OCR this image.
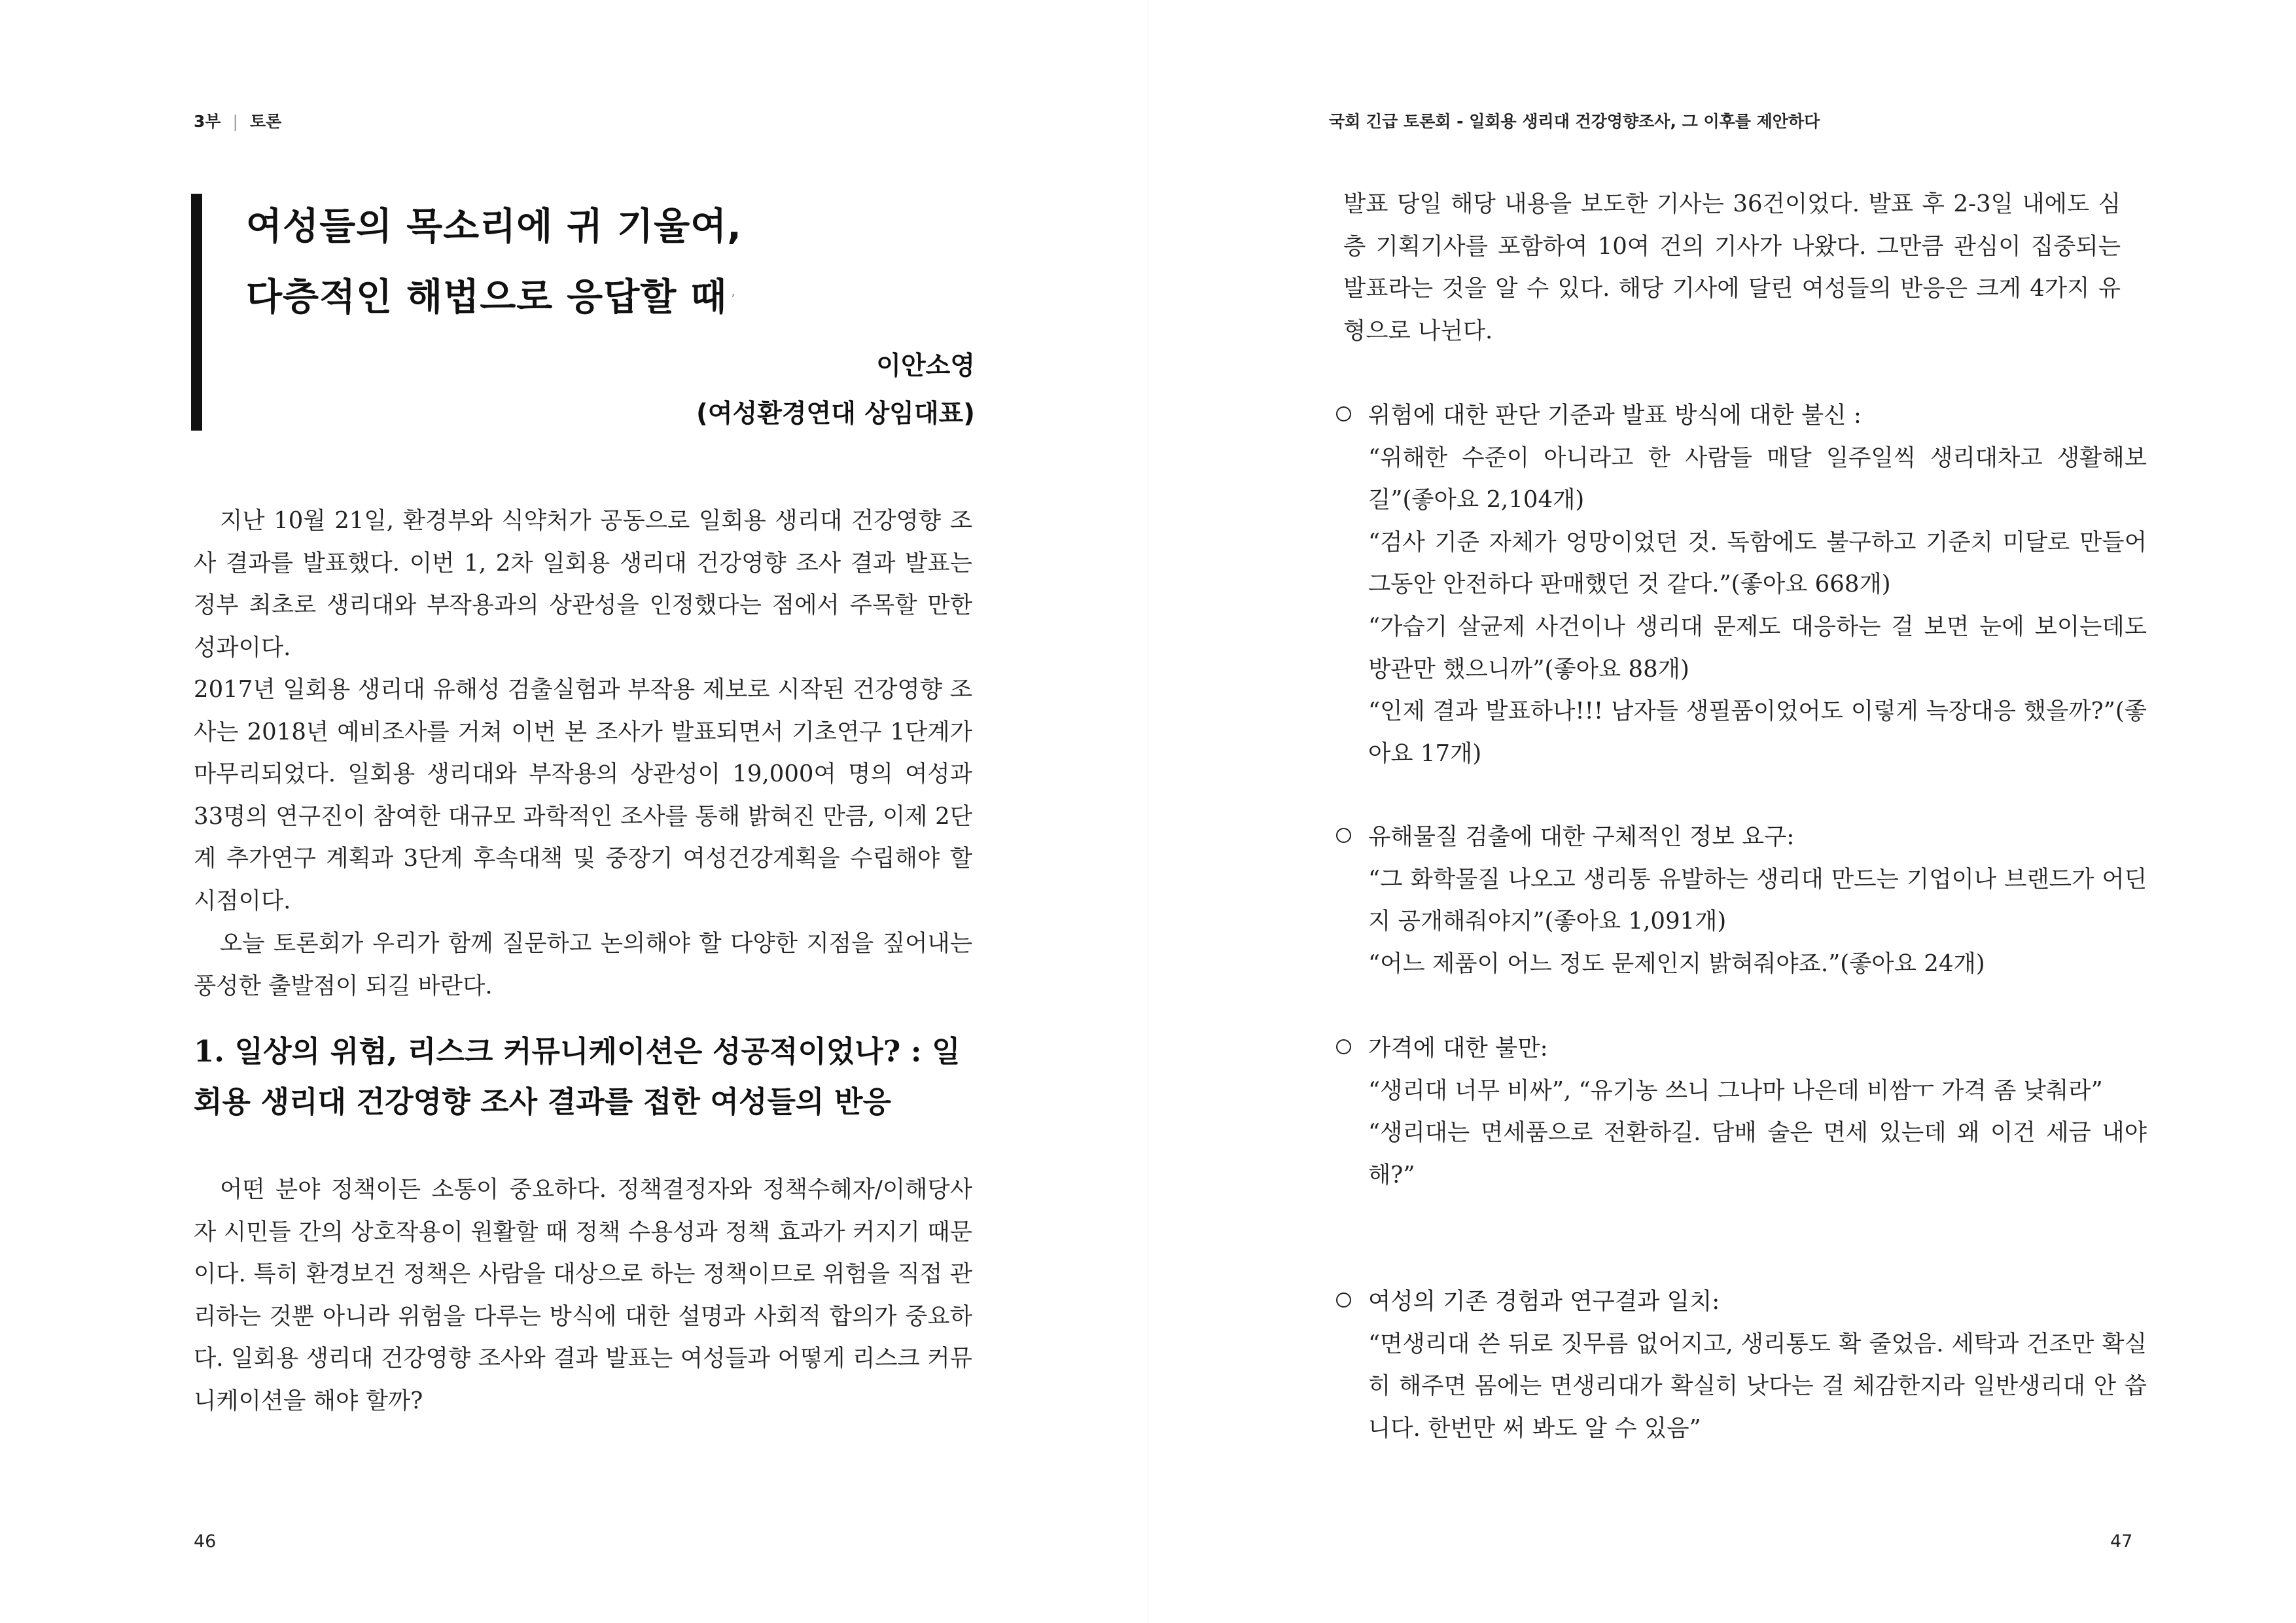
3부 | 토론
여성들의 목소리에 귀 기울여,
다층적인 해법으로 응답할 때 ʼ
이안소영
(여성환경연대 상임대표)

지난 10월 21일, 환경부와 식약처가 공동으로 일회용 생리대 건강영향 조사 결과를 발표했다. 이번 1, 2차 일회용 생리대 건강영향 조사 결과 발표는 정부 최초로 생리대와 부작용과의 상관성을 인정했다는 점에서 주목할 만한 성과이다.

2017년 일회용 생리대 유해성 검출실험과 부작용 제보로 시작된 건강영향 조사는 2018년 예비조사를 거쳐 이번 본 조사가 발표되면서 기초연구 1단계가 마무리되었다. 일회용 생리대와 부작용의 상관성이 19,000여 명의 여성과 33명의 연구진이 참여한 대규모 과학적인 조사를 통해 밝혀진 만큼, 이제 2단계 추가연구 계획과 3단계 후속대책 및 중장기 여성건강계획을 수립해야 할 시점이다.

오늘 토론회가 우리가 함께 질문하고 논의해야 할 다양한 지점을 짚어내는 풍성한 출발점이 되길 바란다.

1. 일상의 위험, 리스크 커뮤니케이션은 성공적이었나? : 일회용 생리대 건강영향 조사 결과를 접한 여성들의 반응

어떤 분야 정책이든 소통이 중요하다. 정책결정자와 정책수혜자/이해당사자 시민들 간의 상호작용이 원활할 때 정책 수용성과 정책 효과가 커지기 때문이다. 특히 환경보건 정책은 사람을 대상으로 하는 정책이므로 위험을 직접 관리하는 것뿐 아니라 위험을 다루는 방식에 대한 설명과 사회적 합의가 중요하다. 일회용 생리대 건강영향 조사와 결과 발표는 여성들과 어떻게 리스크 커뮤니케이션을 해야 할까?

46
국회 긴급 토론회 - 일회용 생리대 건강영향조사, 그 이후를 제안하다

발표 당일 해당 내용을 보도한 기사는 36건이었다. 발표 후 2-3일 내에도 심층 기획기사를 포함하여 10여 건의 기사가 나왔다. 그만큼 관심이 집중되는 발표라는 것을 알 수 있다. 해당 기사에 달린 여성들의 반응은 크게 4가지 유형으로 나뉜다.

47

위험에 대한 판단 기준과 발표 방식에 대한 불신 :

“위해한 수준이 아니라고 한 사람들 매달 일주일씩 생리대차고 생활해보길”(좋아요 2,104개)

“검사 기준 자체가 엉망이었던 것. 독함에도 불구하고 기준치 미달로 만들어 그동안 안전하다 판매했던 것 같다.”(좋아요 668개)

“가습기 살균제 사건이나 생리대 문제도 대응하는 걸 보면 눈에 보이는데도 방관만 했으니까”(좋아요 88개)

“인제 결과 발표하나!!! 남자들 생필품이었어도 이렇게 늑장대응 했을까?”(좋아요 17개)

유해물질 검출에 대한 구체적인 정보 요구:

“그 화학물질 나오고 생리통 유발하는 생리대 만드는 기업이나 브랜드가 어딘지 공개해줘야지”(좋아요 1,091개)

“어느 제품이 어느 정도 문제인지 밝혀줘야죠.”(좋아요 24개)

가격에 대한 불만:

“생리대 너무 비싸”, “유기농 쓰니 그나마 나은데 비쌈ㅜ 가격 좀 낮춰라”

“생리대는 면세품으로 전환하길. 담배 술은 면세 있는데 왜 이건 세금 내야 해?”

여성의 기존 경험과 연구결과 일치:

“면생리대 쓴 뒤로 짓무름 없어지고, 생리통도 확 줄었음. 세탁과 건조만 확실히 해주면 몸에는 면생리대가 확실히 낫다는 걸 체감한지라 일반생리대 안 씁니다. 한번만 써 봐도 알 수 있음”
